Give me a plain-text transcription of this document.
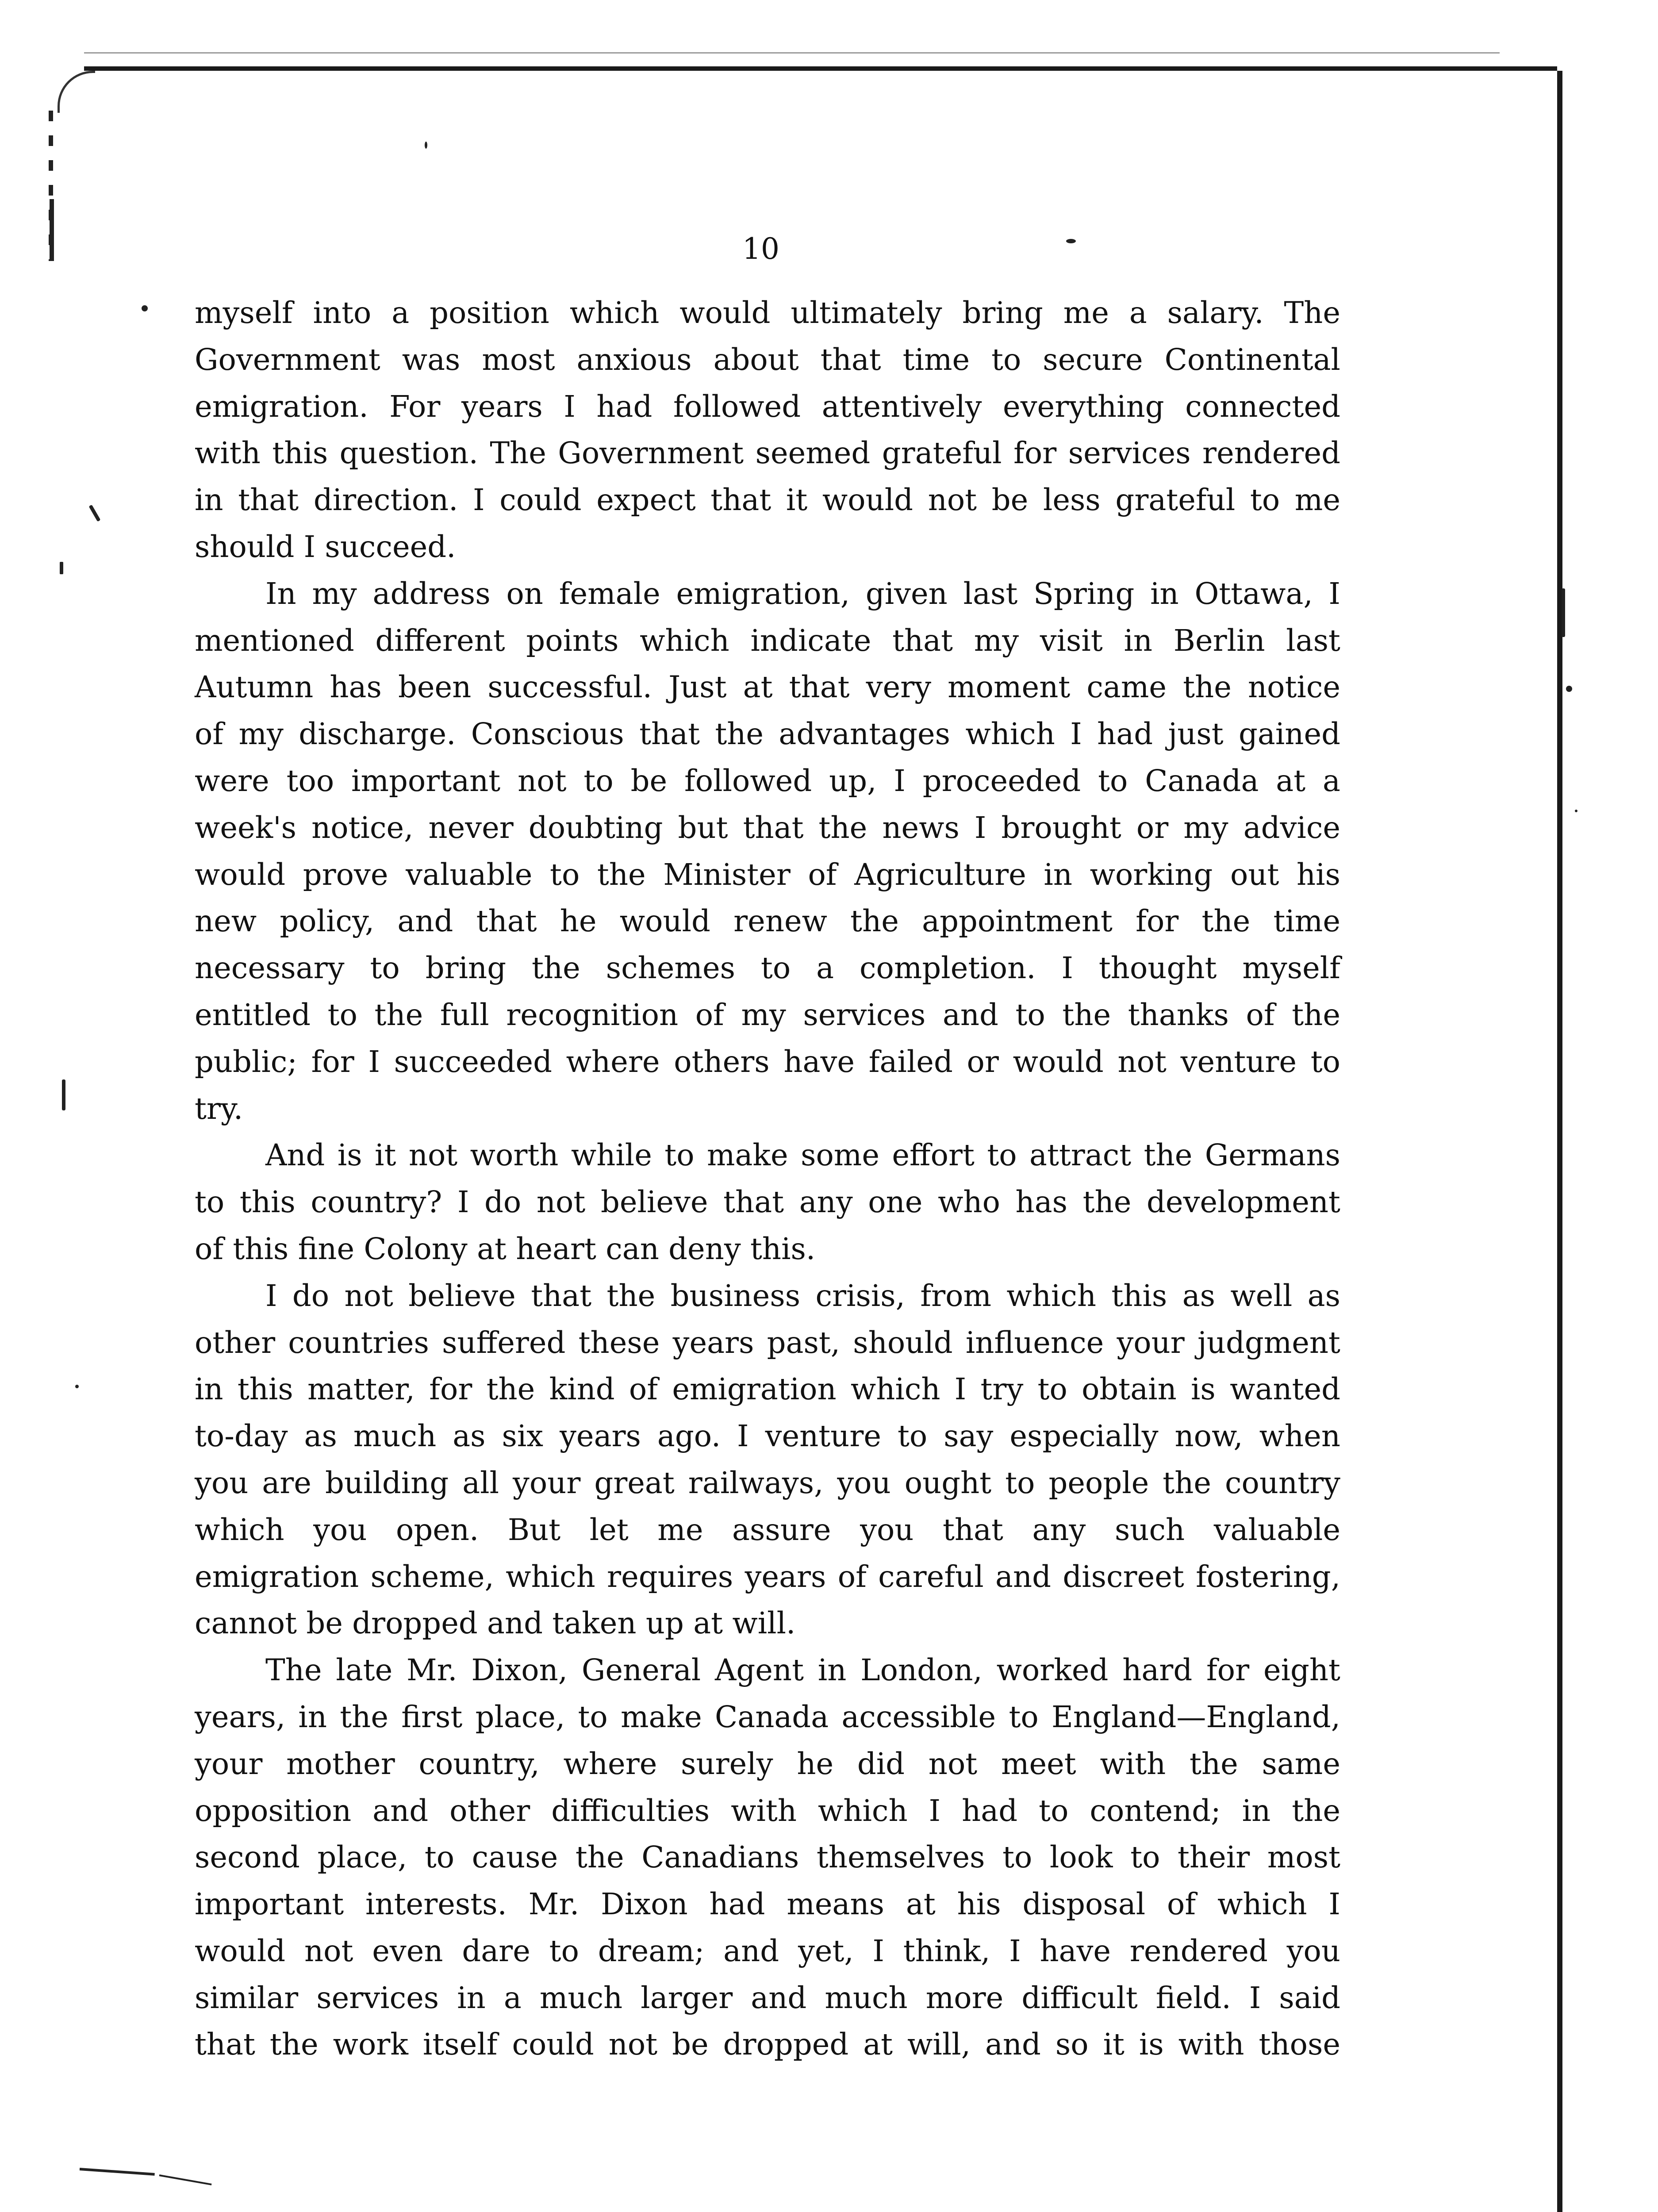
10
myself into a position which would ultimately bring me a salary. The
Government was most anxious about that time to secure Continental
emigration. For years I had followed attentively everything connected
with this question. The Government seemed grateful for services rendered
in that direction. I could expect that it would not be less grateful to me
should I succeed.
In my address on female emigration, given last Spring in Ottawa, I
mentioned different points which indicate that my visit in Berlin last
Autumn has been successful. Just at that very moment came the notice
of my discharge. Conscious that the advantages which I had just gained
were too important not to be followed up, I proceeded to Canada at a
week's notice, never doubting but that the news I brought or my advice
would prove valuable to the Minister of Agriculture in working out his
new policy, and that he would renew the appointment for the time
necessary to bring the schemes to a completion. I thought myself
entitled to the full recognition of my services and to the thanks of the
public; for I succeeded where others have failed or would not venture to
try.
And is it not worth while to make some effort to attract the Germans
to this country? I do not believe that any one who has the development
of this fine Colony at heart can deny this.
I do not believe that the business crisis, from which this as well as
other countries suffered these years past, should influence your judgment
in this matter, for the kind of emigration which I try to obtain is wanted
to-day as much as six years ago. I venture to say especially now, when
you are building all your great railways, you ought to people the country
which you open. But let me assure you that any such valuable
emigration scheme, which requires years of careful and discreet fostering,
cannot be dropped and taken up at will.
The late Mr. Dixon, General Agent in London, worked hard for eight
years, in the first place, to make Canada accessible to England—England,
your mother country, where surely he did not meet with the same
opposition and other difficulties with which I had to contend; in the
second place, to cause the Canadians themselves to look to their most
important interests. Mr. Dixon had means at his disposal of which I
would not even dare to dream; and yet, I think, I have rendered you
similar services in a much larger and much more difficult field. I said
that the work itself could not be dropped at will, and so it is with those
